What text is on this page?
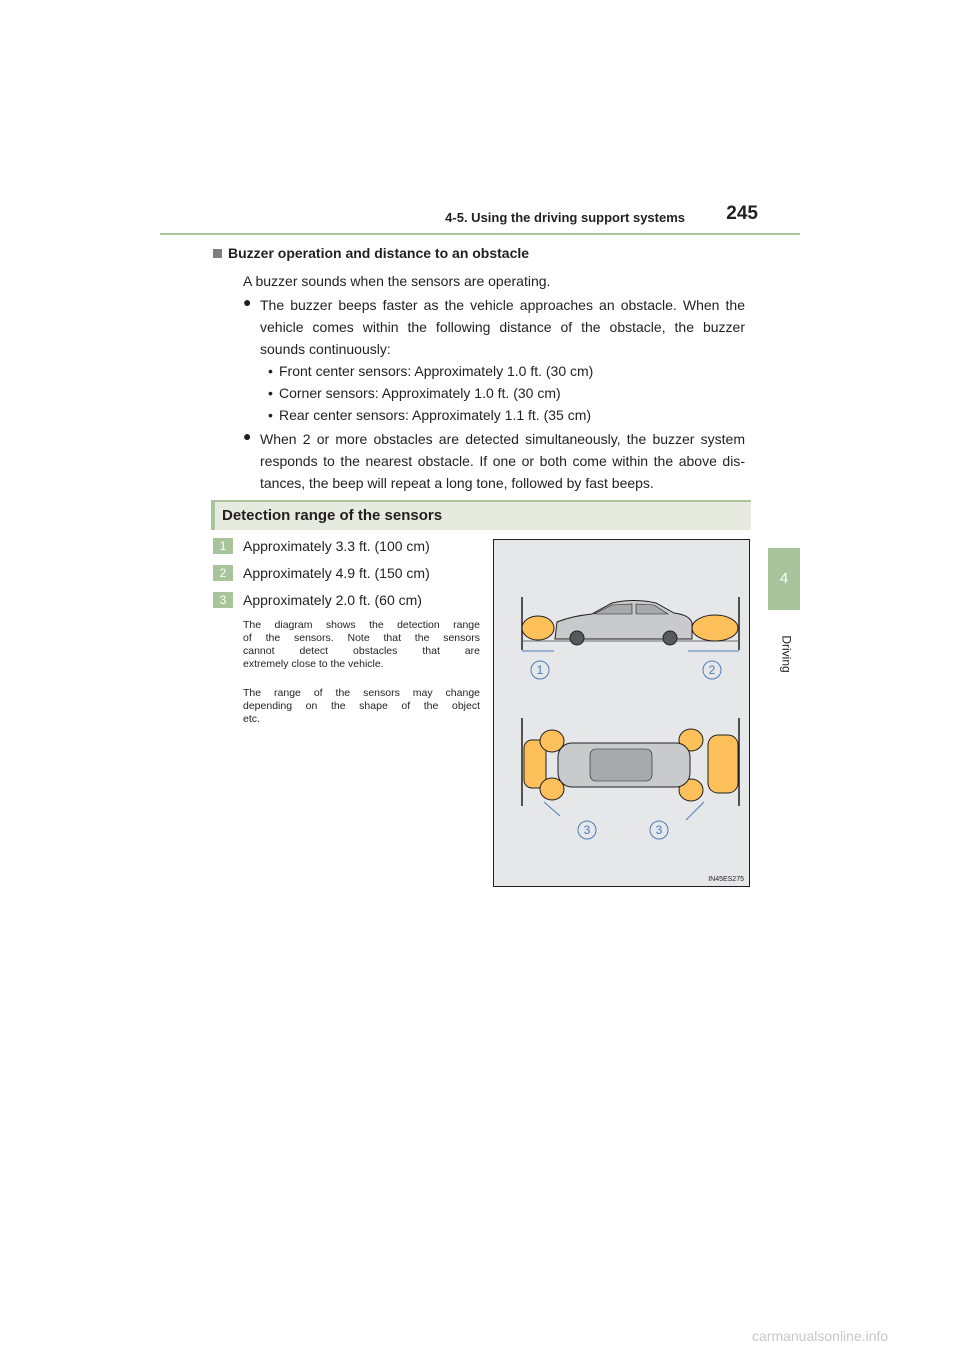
4-5. Using the driving support systems 245
4
Driving
Buzzer operation and distance to an obstacle
A buzzer sounds when the sensors are operating.
● The buzzer beeps faster as the vehicle approaches an obstacle. When the
vehicle comes within the following distance of the obstacle, the buzzer
sounds continuously:
• Front center sensors: Approximately 1.0 ft. (30 cm)
• Corner sensors: Approximately 1.0 ft. (30 cm)
• Rear center sensors: Approximately 1.1 ft. (35 cm)
● When 2 or more obstacles are detected simultaneously, the buzzer system
responds to the nearest obstacle. If one or both come within the above dis-
tances, the beep will repeat a long tone, followed by fast beeps.
Detection range of the sensors
1	Approximately 3.3 ft. (100 cm)
2	Approximately 4.9 ft. (150 cm)
3	Approximately 2.0 ft. (60 cm)
The diagram shows the detection range
of the sensors. Note that the sensors
cannot detect obstacles that are
extremely close to the vehicle.
The range of the sensors may change
depending on the shape of the object
etc.
1	2
3	3
IN45ES275
carmanualsonline.info
